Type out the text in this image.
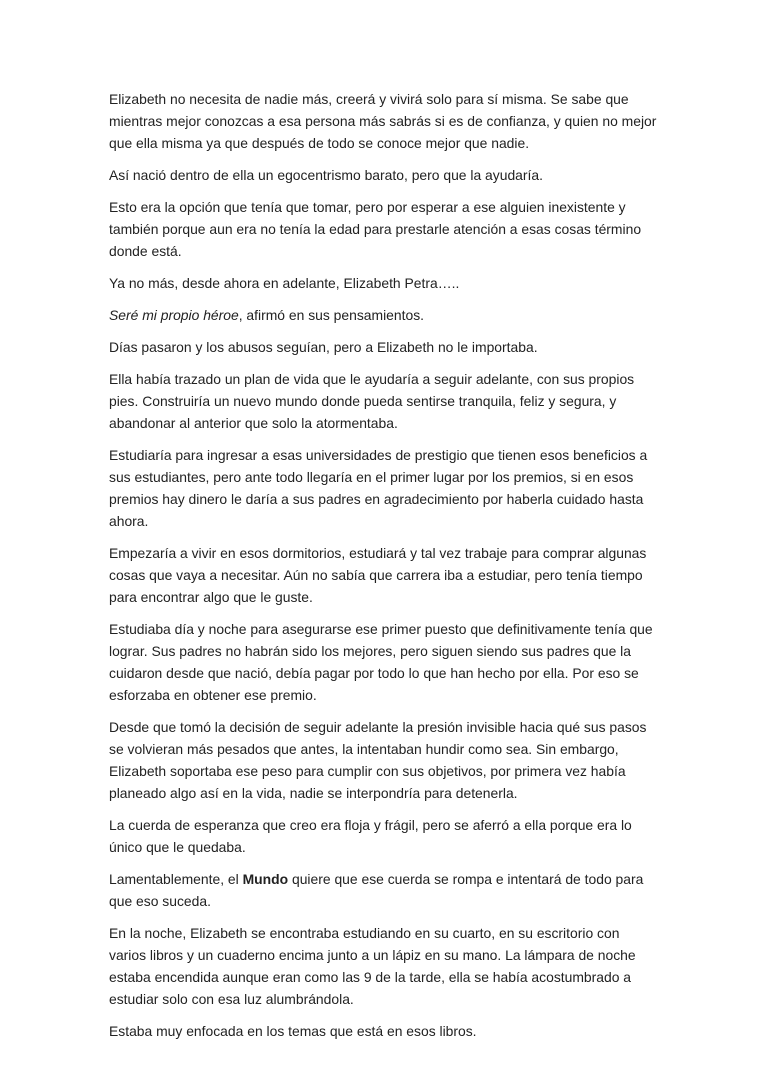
Elizabeth no necesita de nadie más, creerá y vivirá solo para sí misma. Se sabe que mientras mejor conozcas a esa persona más sabrás si es de confianza, y quien no mejor que ella misma ya que después de todo se conoce mejor que nadie.

Así nació dentro de ella un egocentrismo barato, pero que la ayudaría.

Esto era la opción que tenía que tomar, pero por esperar a ese alguien inexistente y también porque aun era no tenía la edad para prestarle atención a esas cosas término donde está.

Ya no más, desde ahora en adelante, Elizabeth Petra…..

Seré mi propio héroe, afirmó en sus pensamientos.

Días pasaron y los abusos seguían, pero a Elizabeth no le importaba.

Ella había trazado un plan de vida que le ayudaría a seguir adelante, con sus propios pies. Construiría un nuevo mundo donde pueda sentirse tranquila, feliz y segura, y abandonar al anterior que solo la atormentaba.

Estudiaría para ingresar a esas universidades de prestigio que tienen esos beneficios a sus estudiantes, pero ante todo llegaría en el primer lugar por los premios, si en esos premios hay dinero le daría a sus padres en agradecimiento por haberla cuidado hasta ahora.

Empezaría a vivir en esos dormitorios, estudiará y tal vez trabaje para comprar algunas cosas que vaya a necesitar. Aún no sabía que carrera iba a estudiar, pero tenía tiempo para encontrar algo que le guste.

Estudiaba día y noche para asegurarse ese primer puesto que definitivamente tenía que lograr. Sus padres no habrán sido los mejores, pero siguen siendo sus padres que la cuidaron desde que nació, debía pagar por todo lo que han hecho por ella. Por eso se esforzaba en obtener ese premio.

Desde que tomó la decisión de seguir adelante la presión invisible hacia qué sus pasos se volvieran más pesados que antes, la intentaban hundir como sea. Sin embargo, Elizabeth soportaba ese peso para cumplir con sus objetivos, por primera vez había planeado algo así en la vida, nadie se interpondría para detenerla.

La cuerda de esperanza que creo era floja y frágil, pero se aferró a ella porque era lo único que le quedaba.

Lamentablemente, el Mundo quiere que ese cuerda se rompa e intentará de todo para que eso suceda.

En la noche, Elizabeth se encontraba estudiando en su cuarto, en su escritorio con varios libros y un cuaderno encima junto a un lápiz en su mano. La lámpara de noche estaba encendida aunque eran como las 9 de la tarde, ella se había acostumbrado a estudiar solo con esa luz alumbrándola.

Estaba muy enfocada en los temas que está en esos libros.
